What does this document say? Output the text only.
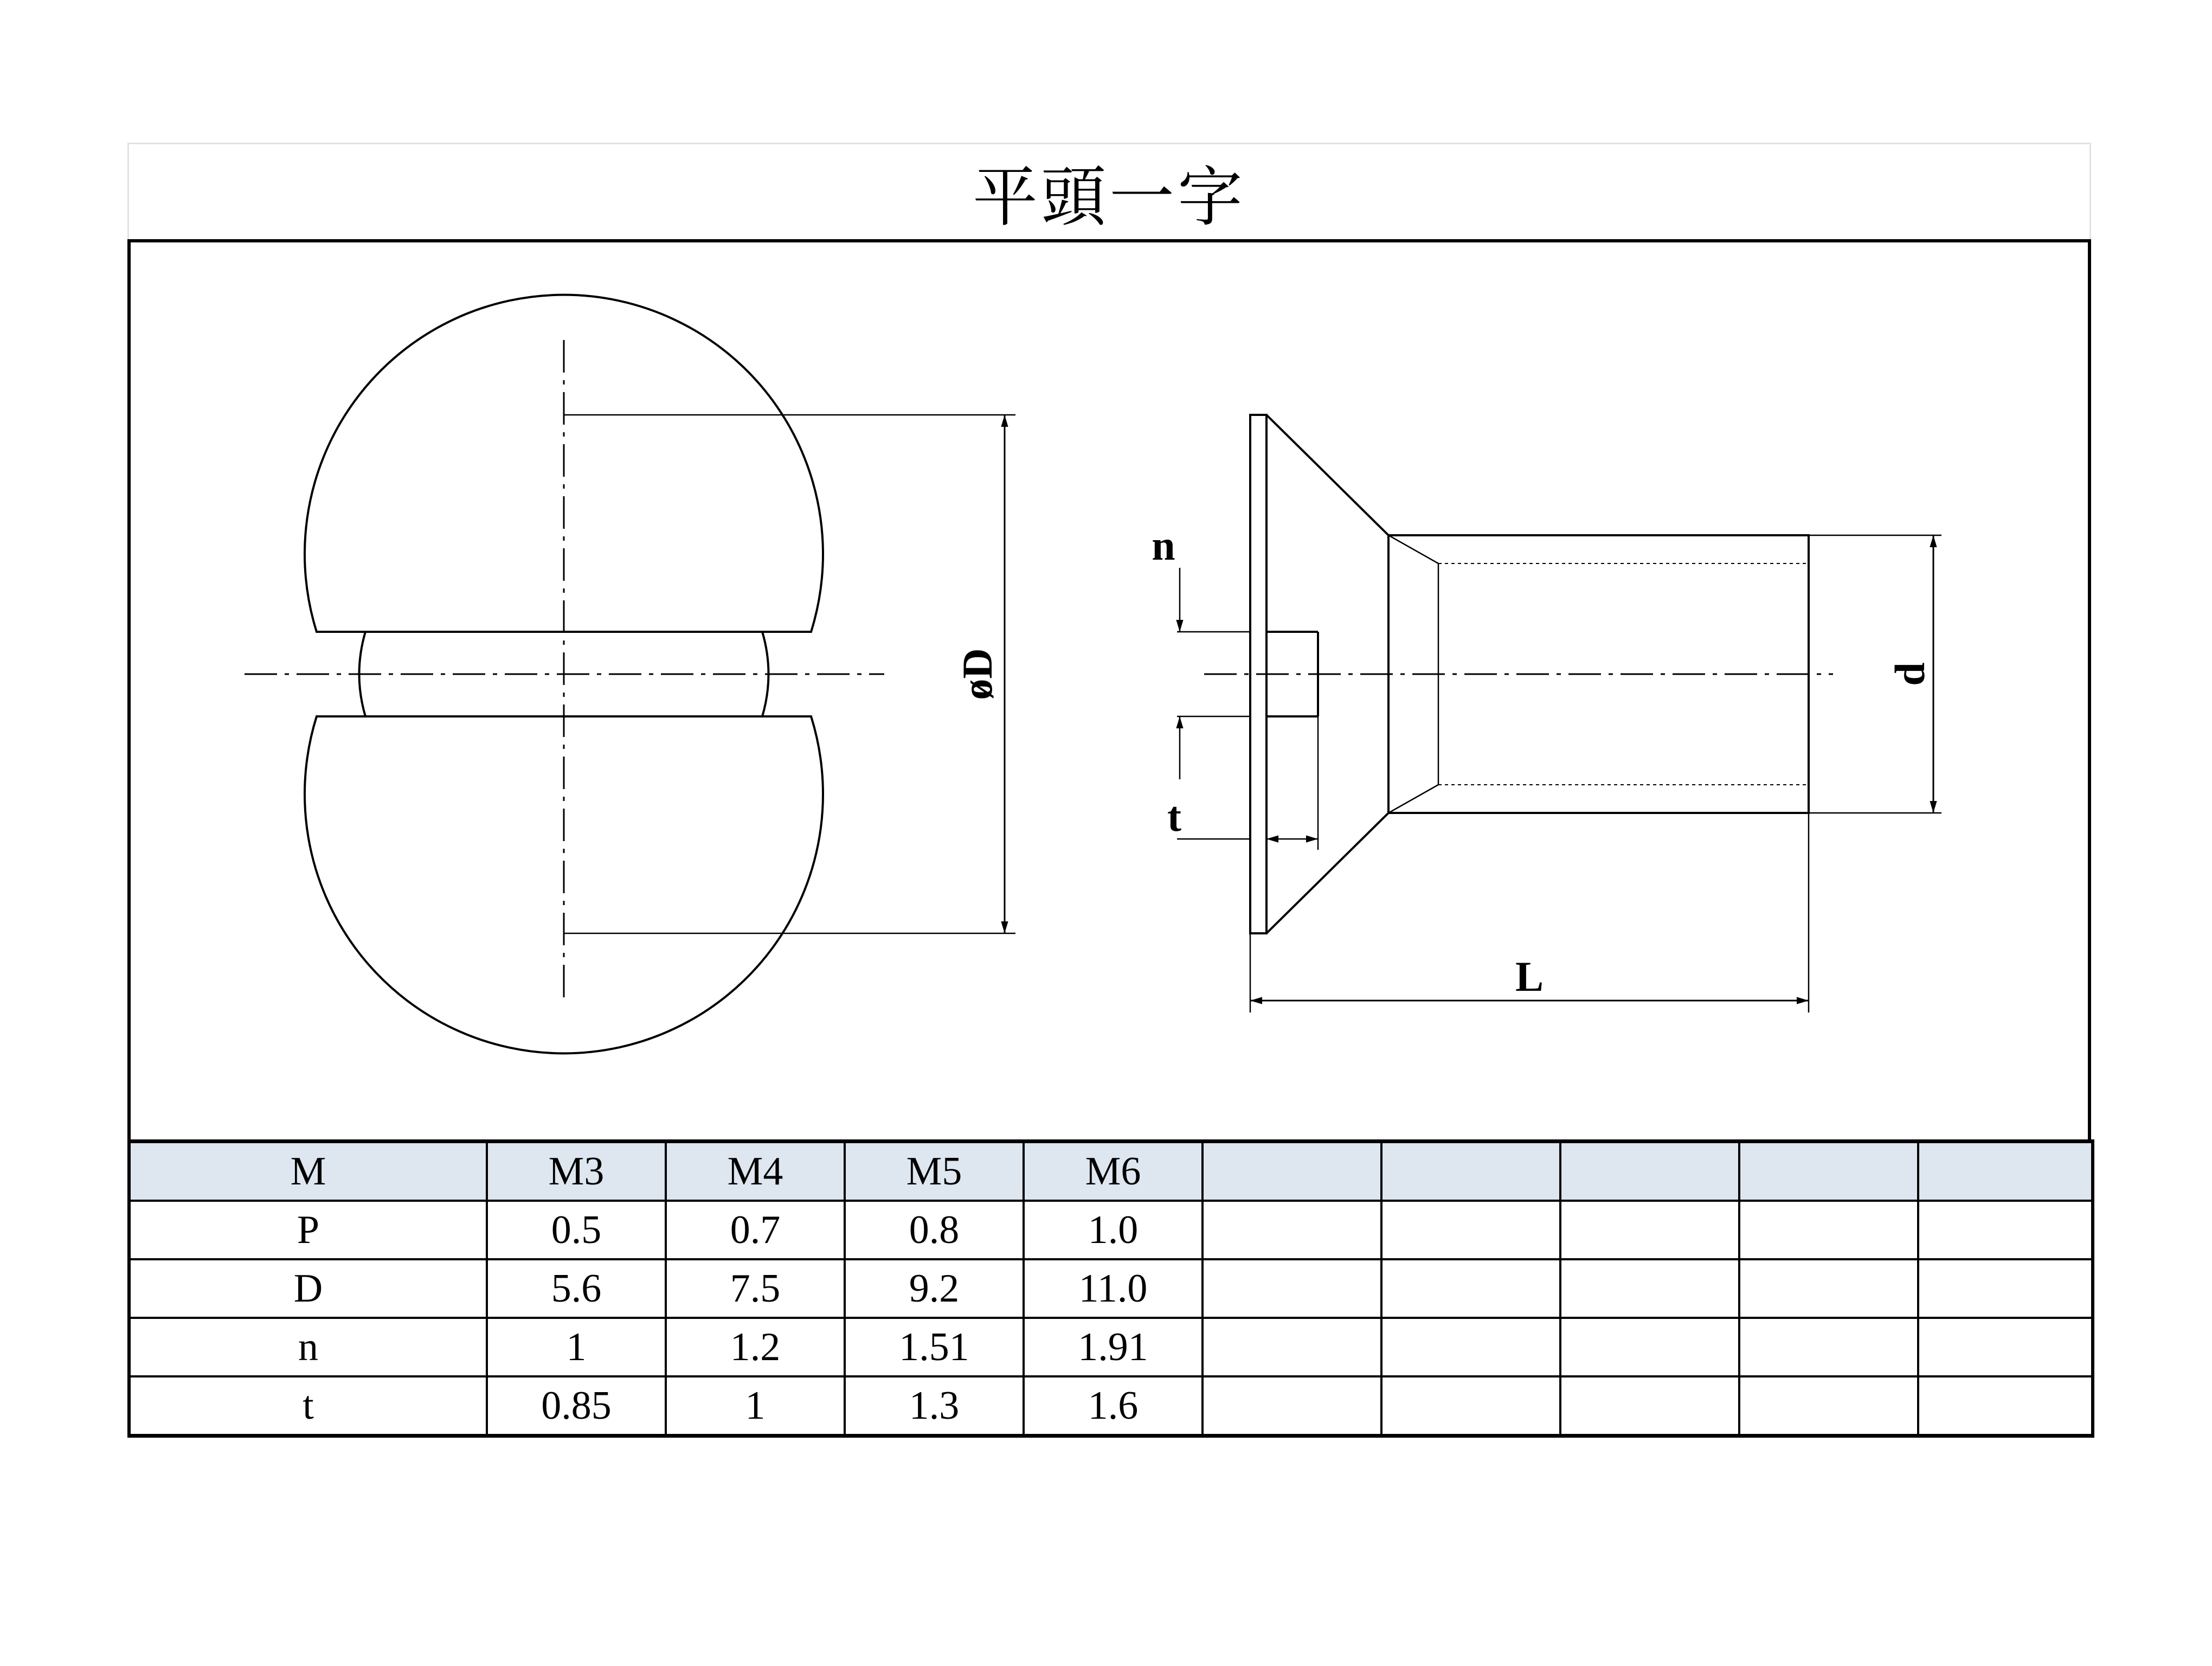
平頭一字
øD
n
t
d
L
M	M3	M4	M5	M6					
P	0.5	0.7	0.8	1.0					
D	5.6	7.5	9.2	11.0					
n	1	1.2	1.51	1.91					
t	0.85	1	1.3	1.6					
